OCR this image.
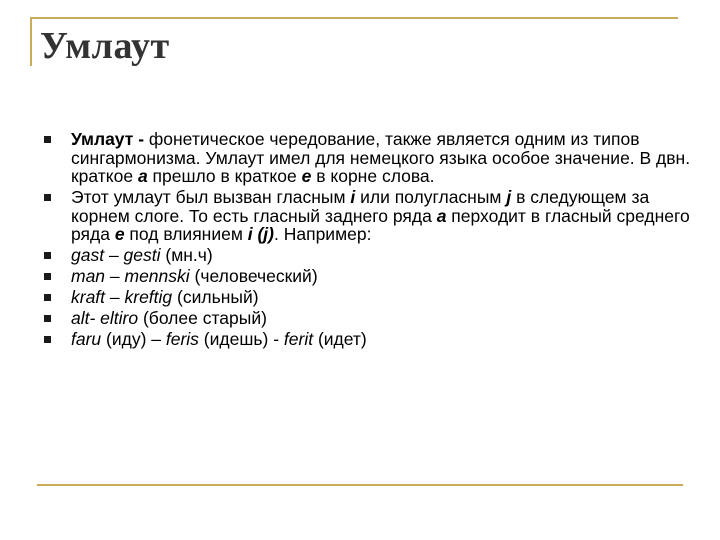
Умлаут
Умлаут - фонетическое чередование, также является одним из типов сингармонизма. Умлаут имел для немецкого языка особое значение. В двн. краткое а прешло в краткое е в корне слова.
Этот умлаут был вызван гласным i или полугласным j в следующем за корнем слоге. То есть гласный заднего ряда а перходит в гласный среднего ряда е под влиянием i (j). Например:
gast – gesti (мн.ч)
man – mennski (человеческий)
kraft – kreftig (сильный)
alt- eltiro (более старый)
faru (иду) – feris (идешь) - ferit (идет)
